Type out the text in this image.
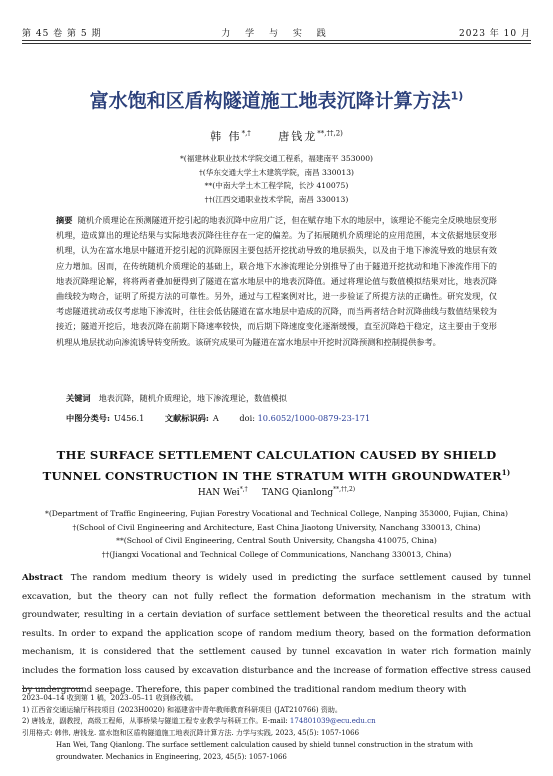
第 45 卷 第 5 期	力 学 与 实 践	2023 年 10 月
富水饱和区盾构隧道施工地表沉降计算方法$^{1)}$
韩 伟*,† 唐钱龙$^{**,\dagger\dagger,2)}$
*(福建林业职业技术学院交通工程系，福建南平 353000)
†(华东交通大学土木建筑学院，南昌 330013)
**(中南大学土木工程学院，长沙 410075)
††(江西交通职业技术学院，南昌 330013)
摘要 随机介质理论在预测隧道开挖引起的地表沉降中应用广泛，但在赋存地下水的地层中，该理论不能完全反映地层变形机理，造成算出的理论结果与实际地表沉降往往存在一定的偏差。为了拓展随机介质理论的应用范围，本文依据地层变形机理，认为在富水地层中隧道开挖引起的沉降原因主要包括开挖扰动导致的地层损失，以及由于地下渗流导致的地层有效应力增加。因而，在传统随机介质理论的基础上，联合地下水渗流理论分别推导了由于隧道开挖扰动和地下渗流作用下的地表沉降理论解，将将两者叠加便得到了隧道在富水地层中的地表沉降值。通过将理论值与数值模拟结果对比，地表沉降曲线较为吻合，证明了所提方法的可靠性。另外，通过与工程案例对比，进一步验证了所提方法的正确性。研究发现，仅考虑隧道扰动或仅考虑地下渗流时，往往会低估隧道在富水地层中造成的沉降，而当两者结合时沉降曲线与数值结果较为接近；隧道开挖后，地表沉降在前期下降速率较快，而后期下降速度变化逐渐缓慢，直至沉降趋于稳定，这主要由于变形机理从地层扰动向渗流诱导转变所致。该研究成果可为隧道在富水地层中开挖时沉降预测和控制提供参考。
关键词 地表沉降，随机介质理论，地下渗流理论，数值模拟
中图分类号: U456.1	文献标识码: A	doi: 10.6052/1000-0879-23-171
THE SURFACE SETTLEMENT CALCULATION CAUSED BY SHIELD
TUNNEL CONSTRUCTION IN THE STRATUM WITH GROUNDWATER$^{1)}$
HAN Wei*,† TANG Qianlong$^{**,\dagger\dagger,2)}$
*(Department of Traffic Engineering, Fujian Forestry Vocational and Technical College, Nanping 353000, Fujian, China)
†(School of Civil Engineering and Architecture, East China Jiaotong University, Nanchang 330013, China)
**(School of Civil Engineering, Central South University, Changsha 410075, China)
††(Jiangxi Vocational and Technical College of Communications, Nanchang 330013, China)
Abstract The random medium theory is widely used in predicting the surface settlement caused by tunnel excavation, but the theory can not fully reflect the formation deformation mechanism in the stratum with groundwater, resulting in a certain deviation of surface settlement between the theoretical results and the actual results. In order to expand the application scope of random medium theory, based on the formation deformation mechanism, it is considered that the settlement caused by tunnel excavation in water rich formation mainly includes the formation loss caused by excavation disturbance and the increase of formation effective stress caused by underground seepage. Therefore, this paper combined the traditional random medium theory with
2023–04–14 收到第 1 稿，2023–05–11 收到修改稿。
1) 江西省交通运输厅科技项目 (2023H0020) 和福建省中青年教师教育科研项目 (JAT210766) 资助。
2) 唐钱龙，副教授，高级工程师，从事桥梁与隧道工程专业教学与科研工作。E-mail: 174801039@ecu.edu.cn
引用格式: 韩伟, 唐钱龙. 富水饱和区盾构隧道施工地表沉降计算方法. 力学与实践, 2023, 45(5): 1057-1066
Han Wei, Tang Qianlong. The surface settlement calculation caused by shield tunnel construction in the stratum with
groundwater. Mechanics in Engineering, 2023, 45(5): 1057-1066
